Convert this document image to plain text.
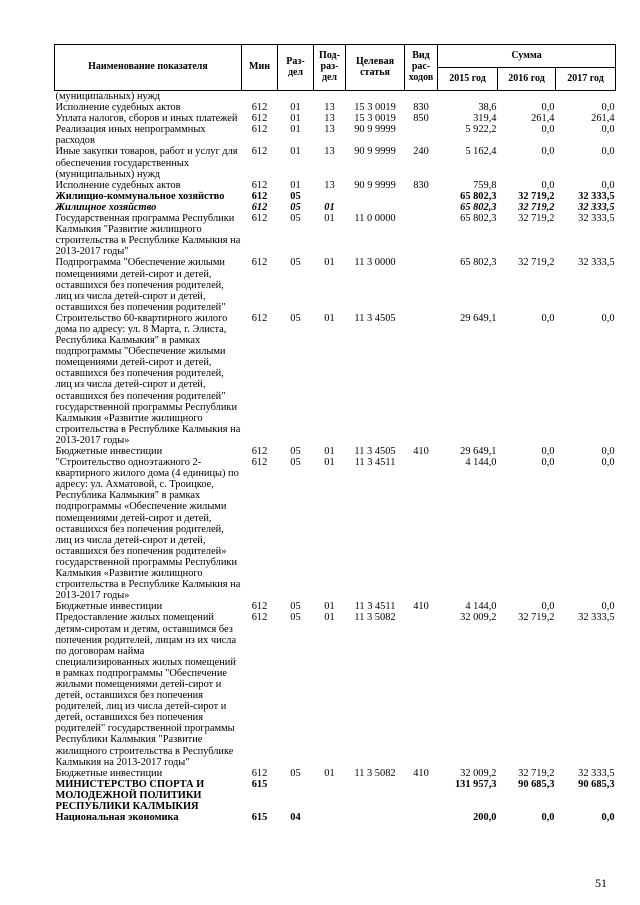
Наименование показателя	Мин	Раз- дел	Под- раз- дел	Целевая статья	Вид рас- ходов	Сумма		
						2015 год	2016 год	2017 год
(муниципальных) нужд								
Исполнение судебных актов	612	01	13	15 3 0019	830	38,6	0,0	0,0
Уплата налогов, сборов и иных платежей	612	01	13	15 3 0019	850	319,4	261,4	261,4
Реализация иных непрограммных расходов	612	01	13	90 9 9999		5 922,2	0,0	0,0
Иные закупки товаров, работ и услуг для обеспечения государственных (муниципальных) нужд	612	01	13	90 9 9999	240	5 162,4	0,0	0,0
Исполнение судебных актов	612	01	13	90 9 9999	830	759,8	0,0	0,0
Жилищно-коммунальное хозяйство	612	05				65 802,3	32 719,2	32 333,5
Жилищное хозяйство	612	05	01			65 802,3	32 719,2	32 333,5
Государственная программа Республики Калмыкия "Развитие жилищного строительства в Республике Калмыкия на 2013-2017 годы"	612	05	01	11 0 0000		65 802,3	32 719,2	32 333,5
Подпрограмма "Обеспечение жилыми помещениями детей-сирот и детей, оставшихся без попечения родителей, лиц из числа детей-сирот и детей, оставшихся без попечения родителей"	612	05	01	11 3 0000		65 802,3	32 719,2	32 333,5
Строительство 60-квартирного жилого дома по адресу: ул. 8 Марта, г. Элиста, Республика Калмыкия" в рамках подпрограммы "Обеспечение жилыми помещениями детей-сирот и детей, оставшихся без попечения родителей, лиц из числа детей-сирот и детей, оставшихся без попечения родителей" государственной программы Республики Калмыкия «Развитие жилищного строительства в Республике Калмыкия на 2013-2017 годы»	612	05	01	11 3 4505		29 649,1	0,0	0,0
Бюджетные инвестиции	612	05	01	11 3 4505	410	29 649,1	0,0	0,0
"Строительство одноэтажного 2-квартирного жилого дома (4 единицы) по адресу: ул. Ахматовой, с. Троицкое, Республика Калмыкия" в рамках подпрограммы «Обеспечение жилыми помещениями детей-сирот и детей, оставшихся без попечения родителей, лиц из числа детей-сирот и детей, оставшихся без попечения родителей» государственной программы Республики Калмыкия «Развитие жилищного строительства в Республике Калмыкия на 2013-2017 годы»	612	05	01	11 3 4511		4 144,0	0,0	0,0
Бюджетные инвестиции	612	05	01	11 3 4511	410	4 144,0	0,0	0,0
Предоставление жилых помещений детям-сиротам и детям, оставшимся без попечения родителей, лицам из их числа по договорам найма специализированных жилых помещений в рамках подпрограммы "Обеспечение жилыми помещениями детей-сирот и детей, оставшихся без попечения родителей, лиц из числа детей-сирот и детей, оставшихся без попечения родителей" государственной программы Республики Калмыкия "Развитие жилищного строительства в Республике Калмыкия на 2013-2017 годы"	612	05	01	11 3 5082		32 009,2	32 719,2	32 333,5
Бюджетные инвестиции	612	05	01	11 3 5082	410	32 009,2	32 719,2	32 333,5
МИНИСТЕРСТВО СПОРТА И МОЛОДЕЖНОЙ ПОЛИТИКИ РЕСПУБЛИКИ КАЛМЫКИЯ	615					131 957,3	90 685,3	90 685,3
Национальная экономика	615	04				200,0	0,0	0,0
51
